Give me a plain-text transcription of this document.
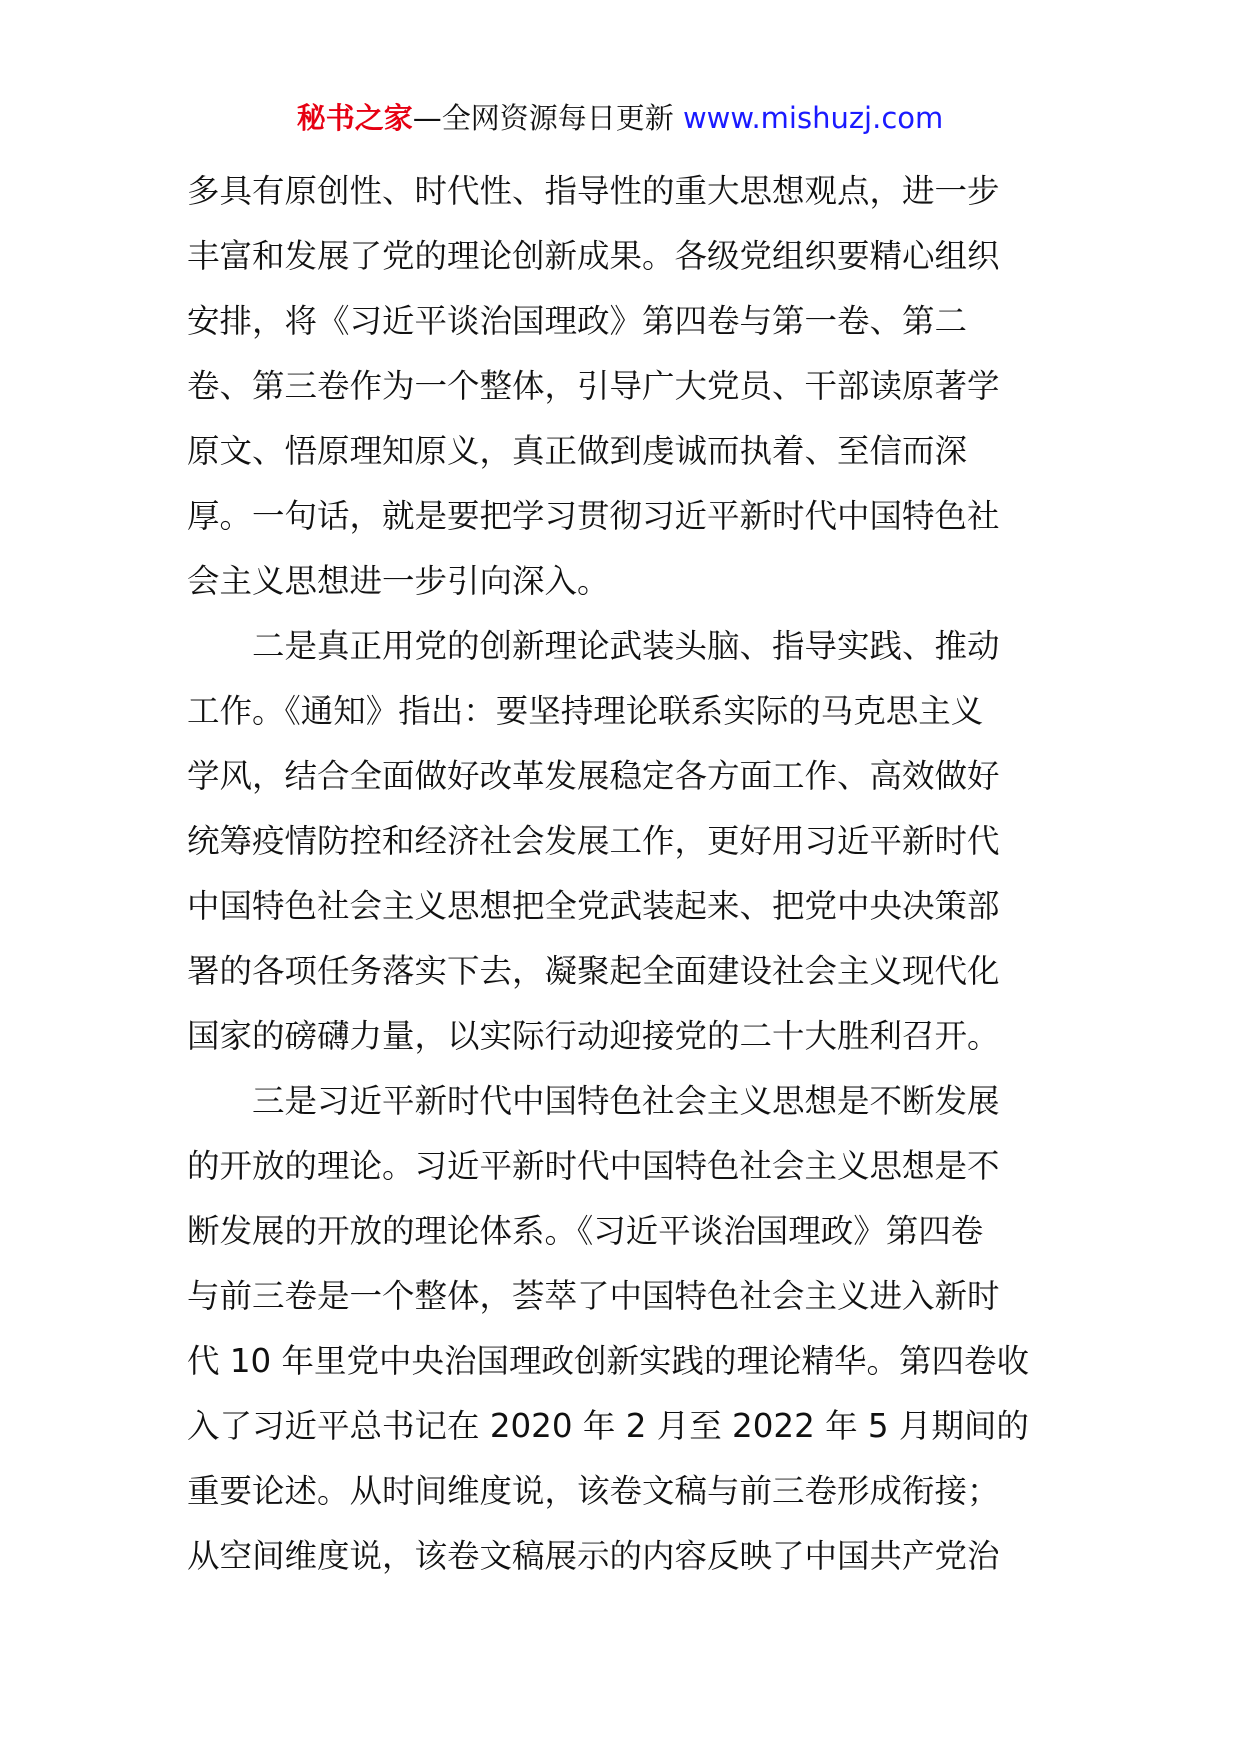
秘书之家—全网资源每日更新 www.mishuzj.com
多具有原创性、时代性、指导性的重大思想观点，进一步
丰富和发展了党的理论创新成果。各级党组织要精心组织
安排，将《习近平谈治国理政》第四卷与第一卷、第二
卷、第三卷作为一个整体，引导广大党员、干部读原著学
原文、悟原理知原义，真正做到虔诚而执着、至信而深
厚。一句话，就是要把学习贯彻习近平新时代中国特色社
会主义思想进一步引向深入。
　　二是真正用党的创新理论武装头脑、指导实践、推动
工作。《通知》指出：要坚持理论联系实际的马克思主义
学风，结合全面做好改革发展稳定各方面工作、高效做好
统筹疫情防控和经济社会发展工作，更好用习近平新时代
中国特色社会主义思想把全党武装起来、把党中央决策部
署的各项任务落实下去，凝聚起全面建设社会主义现代化
国家的磅礴力量，以实际行动迎接党的二十大胜利召开。
　　三是习近平新时代中国特色社会主义思想是不断发展
的开放的理论。习近平新时代中国特色社会主义思想是不
断发展的开放的理论体系。《习近平谈治国理政》第四卷
与前三卷是一个整体，荟萃了中国特色社会主义进入新时
代 10 年里党中央治国理政创新实践的理论精华。第四卷收
入了习近平总书记在 2020 年 2 月至 2022 年 5 月期间的
重要论述。从时间维度说，该卷文稿与前三卷形成衔接；
从空间维度说，该卷文稿展示的内容反映了中国共产党治
